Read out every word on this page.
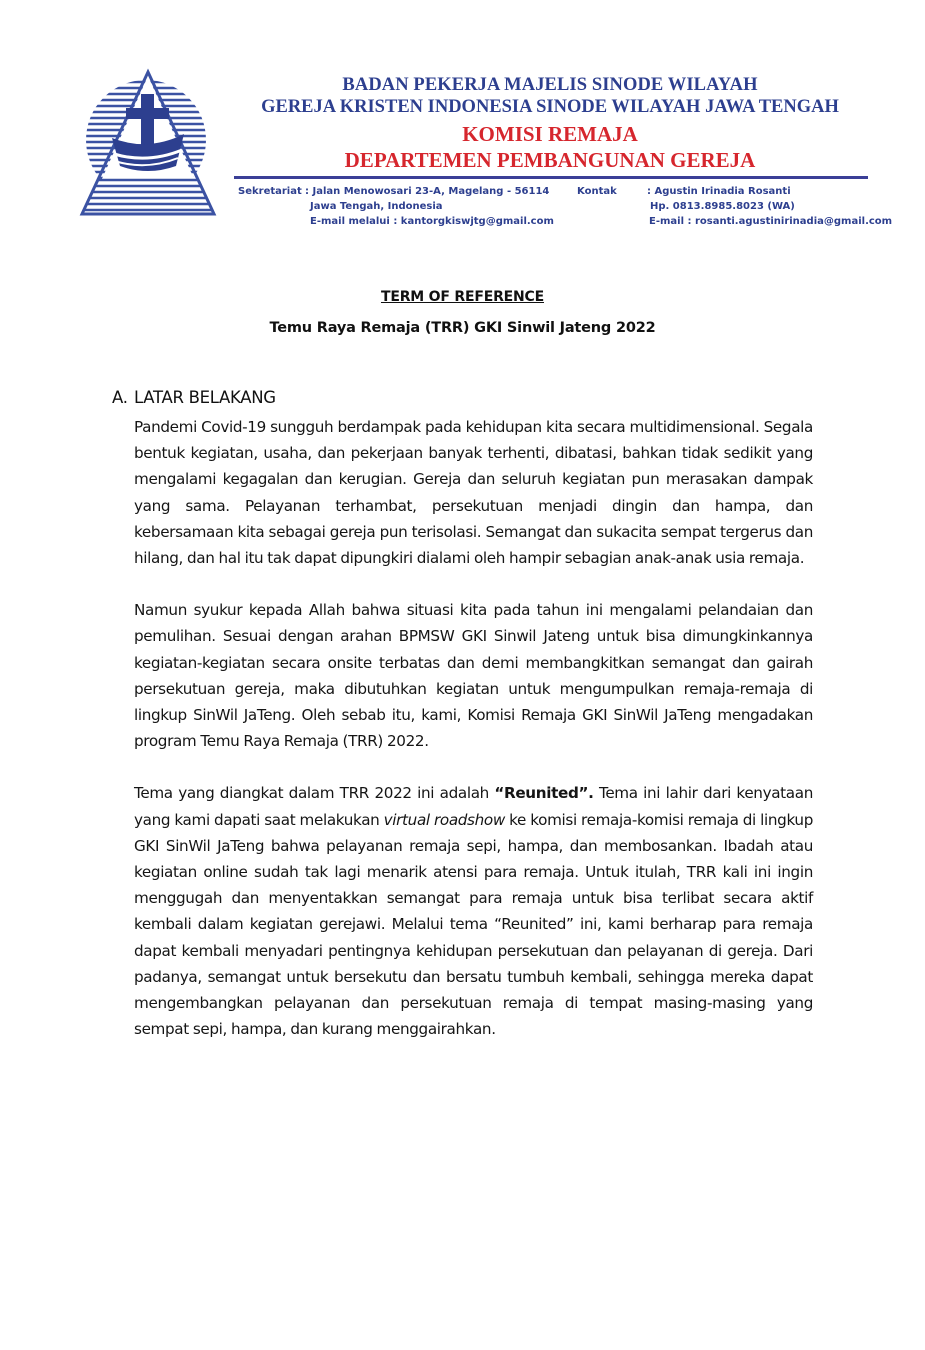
BADAN PEKERJA MAJELIS SINODE WILAYAH
GEREJA KRISTEN INDONESIA SINODE WILAYAH JAWA TENGAH
KOMISI REMAJA
DEPARTEMEN PEMBANGUNAN GEREJA
Sekretariat : Jalan Menowosari 23-A, Magelang - 56114
Jawa Tengah, Indonesia
E-mail melalui : kantorgkiswjtg@gmail.com
Kontak	: Agustin Irinadia Rosanti
Hp. 0813.8985.8023 (WA)
E-mail : rosanti.agustinirinadia@gmail.com
TERM OF REFERENCE
Temu Raya Remaja (TRR) GKI Sinwil Jateng 2022
A. LATAR BELAKANG

Pandemi Covid-19 sungguh berdampak pada kehidupan kita secara multidimensional. Segala bentuk kegiatan, usaha, dan pekerjaan banyak terhenti, dibatasi, bahkan tidak sedikit yang mengalami kegagalan dan kerugian. Gereja dan seluruh kegiatan pun merasakan dampak yang sama. Pelayanan terhambat, persekutuan menjadi dingin dan hampa, dan kebersamaan kita sebagai gereja pun terisolasi. Semangat dan sukacita sempat tergerus dan hilang, dan hal itu tak dapat dipungkiri dialami oleh hampir sebagian anak-anak usia remaja.

Namun syukur kepada Allah bahwa situasi kita pada tahun ini mengalami pelandaian dan pemulihan. Sesuai dengan arahan BPMSW GKI Sinwil Jateng untuk bisa dimungkinkannya kegiatan-kegiatan secara onsite terbatas dan demi membangkitkan semangat dan gairah persekutuan gereja, maka dibutuhkan kegiatan untuk mengumpulkan remaja-remaja di lingkup SinWil JaTeng. Oleh sebab itu, kami, Komisi Remaja GKI SinWil JaTeng mengadakan program Temu Raya Remaja (TRR) 2022.

Tema yang diangkat dalam TRR 2022 ini adalah “Reunited”. Tema ini lahir dari kenyataan yang kami dapati saat melakukan virtual roadshow ke komisi remaja-komisi remaja di lingkup GKI SinWil JaTeng bahwa pelayanan remaja sepi, hampa, dan membosankan. Ibadah atau kegiatan online sudah tak lagi menarik atensi para remaja. Untuk itulah, TRR kali ini ingin menggugah dan menyentakkan semangat para remaja untuk bisa terlibat secara aktif kembali dalam kegiatan gerejawi. Melalui tema “Reunited” ini, kami berharap para remaja dapat kembali menyadari pentingnya kehidupan persekutuan dan pelayanan di gereja. Dari padanya, semangat untuk bersekutu dan bersatu tumbuh kembali, sehingga mereka dapat mengembangkan pelayanan dan persekutuan remaja di tempat masing-masing yang sempat sepi, hampa, dan kurang menggairahkan.
